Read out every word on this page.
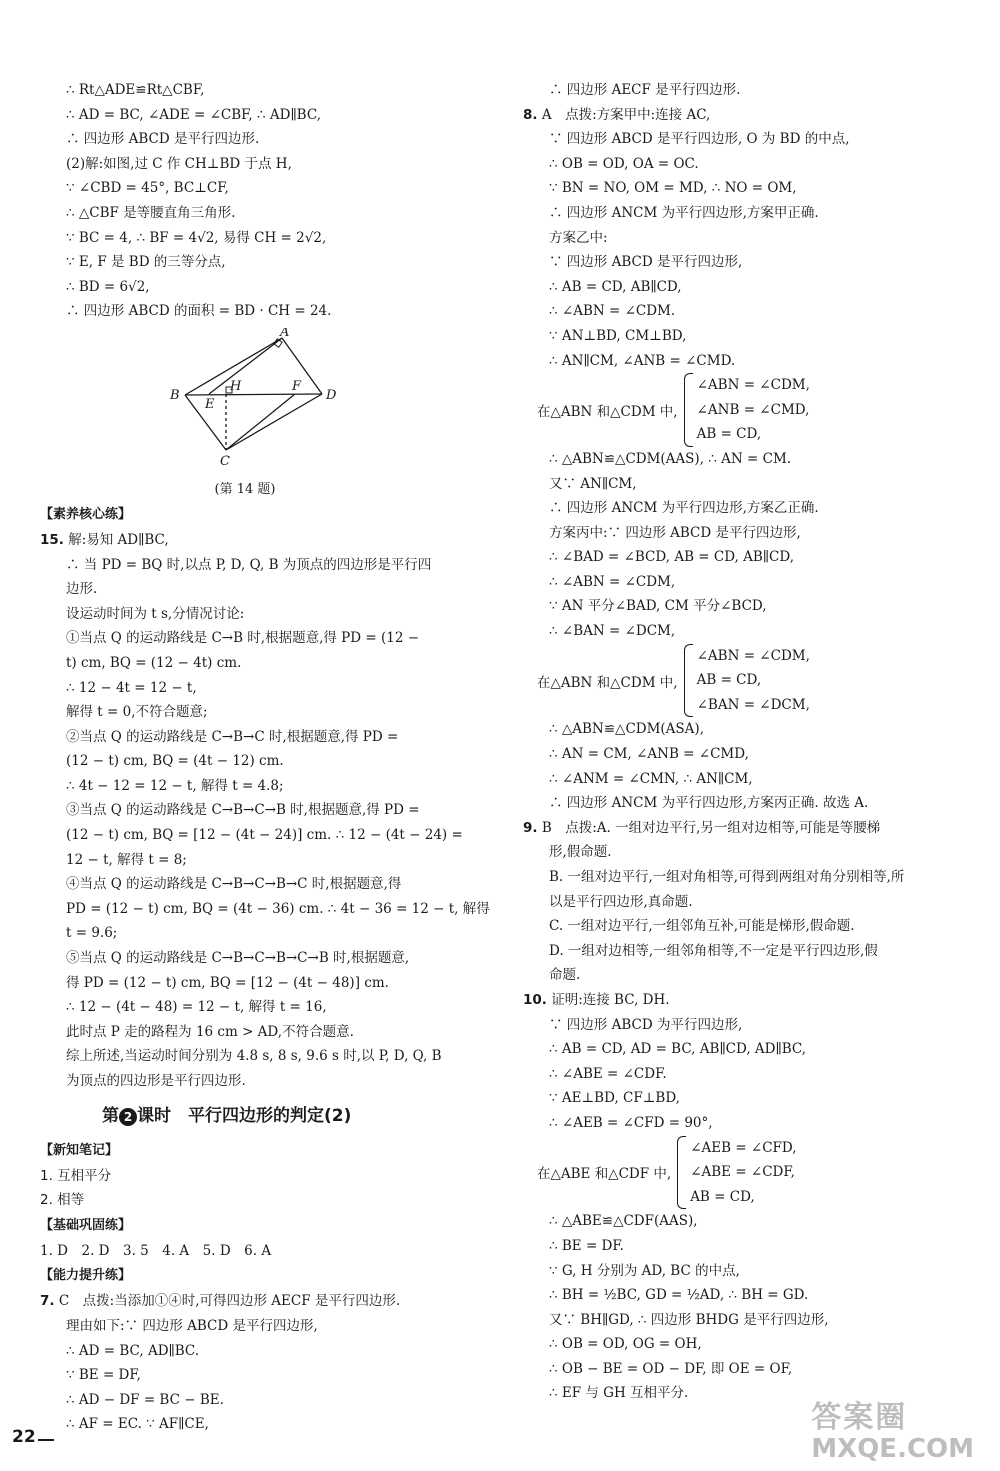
∴ Rt△ADE≌Rt△CBF,
∴ AD = BC, ∠ADE = ∠CBF, ∴ AD∥BC,
∴ 四边形 ABCD 是平行四边形.
(2)解:如图,过 C 作 CH⊥BD 于点 H,
∵ ∠CBD = 45°, BC⊥CF,
∴ △CBF 是等腰直角三角形.
∵ BC = 4, ∴ BF = 4√2, 易得 CH = 2√2,
∵ E, F 是 BD 的三等分点,
∴ BD = 6√2,
∴ 四边形 ABCD 的面积 = BD · CH = 24.
A
B
C
D
E
H	F
(第 14 题)
【素养核心练】
15. 解:易知 AD∥BC,
∴ 当 PD = BQ 时,以点 P, D, Q, B 为顶点的四边形是平行四
边形.
设运动时间为 t s,分情况讨论:
①当点 Q 的运动路线是 C→B 时,根据题意,得 PD = (12 −
t) cm, BQ = (12 − 4t) cm.
∴ 12 − 4t = 12 − t,
解得 t = 0,不符合题意;
②当点 Q 的运动路线是 C→B→C 时,根据题意,得 PD =
(12 − t) cm, BQ = (4t − 12) cm.
∴ 4t − 12 = 12 − t, 解得 t = 4.8;
③当点 Q 的运动路线是 C→B→C→B 时,根据题意,得 PD =
(12 − t) cm, BQ = [12 − (4t − 24)] cm. ∴ 12 − (4t − 24) =
12 − t, 解得 t = 8;
④当点 Q 的运动路线是 C→B→C→B→C 时,根据题意,得
PD = (12 − t) cm, BQ = (4t − 36) cm. ∴ 4t − 36 = 12 − t, 解得
t = 9.6;
⑤当点 Q 的运动路线是 C→B→C→B→C→B 时,根据题意,
得 PD = (12 − t) cm, BQ = [12 − (4t − 48)] cm.
∴ 12 − (4t − 48) = 12 − t, 解得 t = 16,
此时点 P 走的路程为 16 cm > AD,不符合题意.
综上所述,当运动时间分别为 4.8 s, 8 s, 9.6 s 时,以 P, D, Q, B
为顶点的四边形是平行四边形.
第 2 课时　平行四边形的判定(2)
【新知笔记】
1. 互相平分
2. 相等
【基础巩固练】
1. D　2. D　3. 5　4. A　5. D　6. A
【能力提升练】
7. C　点拨:当添加①④时,可得四边形 AECF 是平行四边形.
理由如下:∵ 四边形 ABCD 是平行四边形,
∴ AD = BC, AD∥BC.
∵ BE = DF,
∴ AD − DF = BC − BE.
∴ AF = EC. ∵ AF∥CE,
∴ 四边形 AECF 是平行四边形.
8. A　点拨:方案甲中:连接 AC,
∵ 四边形 ABCD 是平行四边形, O 为 BD 的中点,
∴ OB = OD, OA = OC.
∵ BN = NO, OM = MD, ∴ NO = OM,
∴ 四边形 ANCM 为平行四边形,方案甲正确.
方案乙中:
∵ 四边形 ABCD 是平行四边形,
∴ AB = CD, AB∥CD,
∴ ∠ABN = ∠CDM.
∵ AN⊥BD, CM⊥BD,
∴ AN∥CM, ∠ANB = ∠CMD.
在△ABN 和△CDM 中,
∠ABN = ∠CDM,
∠ANB = ∠CMD,
AB = CD,
∴ △ABN≌△CDM(AAS), ∴ AN = CM.
又∵ AN∥CM,
∴ 四边形 ANCM 为平行四边形,方案乙正确.
方案丙中:∵ 四边形 ABCD 是平行四边形,
∴ ∠BAD = ∠BCD, AB = CD, AB∥CD,
∴ ∠ABN = ∠CDM,
∵ AN 平分∠BAD, CM 平分∠BCD,
∴ ∠BAN = ∠DCM,
在△ABN 和△CDM 中,
∠ABN = ∠CDM,
AB = CD,
∠BAN = ∠DCM,
∴ △ABN≌△CDM(ASA),
∴ AN = CM, ∠ANB = ∠CMD,
∴ ∠ANM = ∠CMN, ∴ AN∥CM,
∴ 四边形 ANCM 为平行四边形,方案丙正确. 故选 A.
9. B　点拨:A. 一组对边平行,另一组对边相等,可能是等腰梯
形,假命题.
B. 一组对边平行,一组对角相等,可得到两组对角分别相等,所
以是平行四边形,真命题.
C. 一组对边平行,一组邻角互补,可能是梯形,假命题.
D. 一组对边相等,一组邻角相等,不一定是平行四边形,假
命题.
10. 证明:连接 BC, DH.
∵ 四边形 ABCD 为平行四边形,
∴ AB = CD, AD = BC, AB∥CD, AD∥BC,
∴ ∠ABE = ∠CDF.
∵ AE⊥BD, CF⊥BD,
∴ ∠AEB = ∠CFD = 90°,
在△ABE 和△CDF 中,
∠AEB = ∠CFD,
∠ABE = ∠CDF,
AB = CD,
∴ △ABE≌△CDF(AAS),
∴ BE = DF.
∵ G, H 分别为 AD, BC 的中点,
∴ BH = ½BC, GD = ½AD, ∴ BH = GD.
又∵ BH∥GD, ∴ 四边形 BHDG 是平行四边形,
∴ OB = OD, OG = OH,
∴ OB − BE = OD − DF, 即 OE = OF,
∴ EF 与 GH 互相平分.
22
答案圈
MXQE.COM
